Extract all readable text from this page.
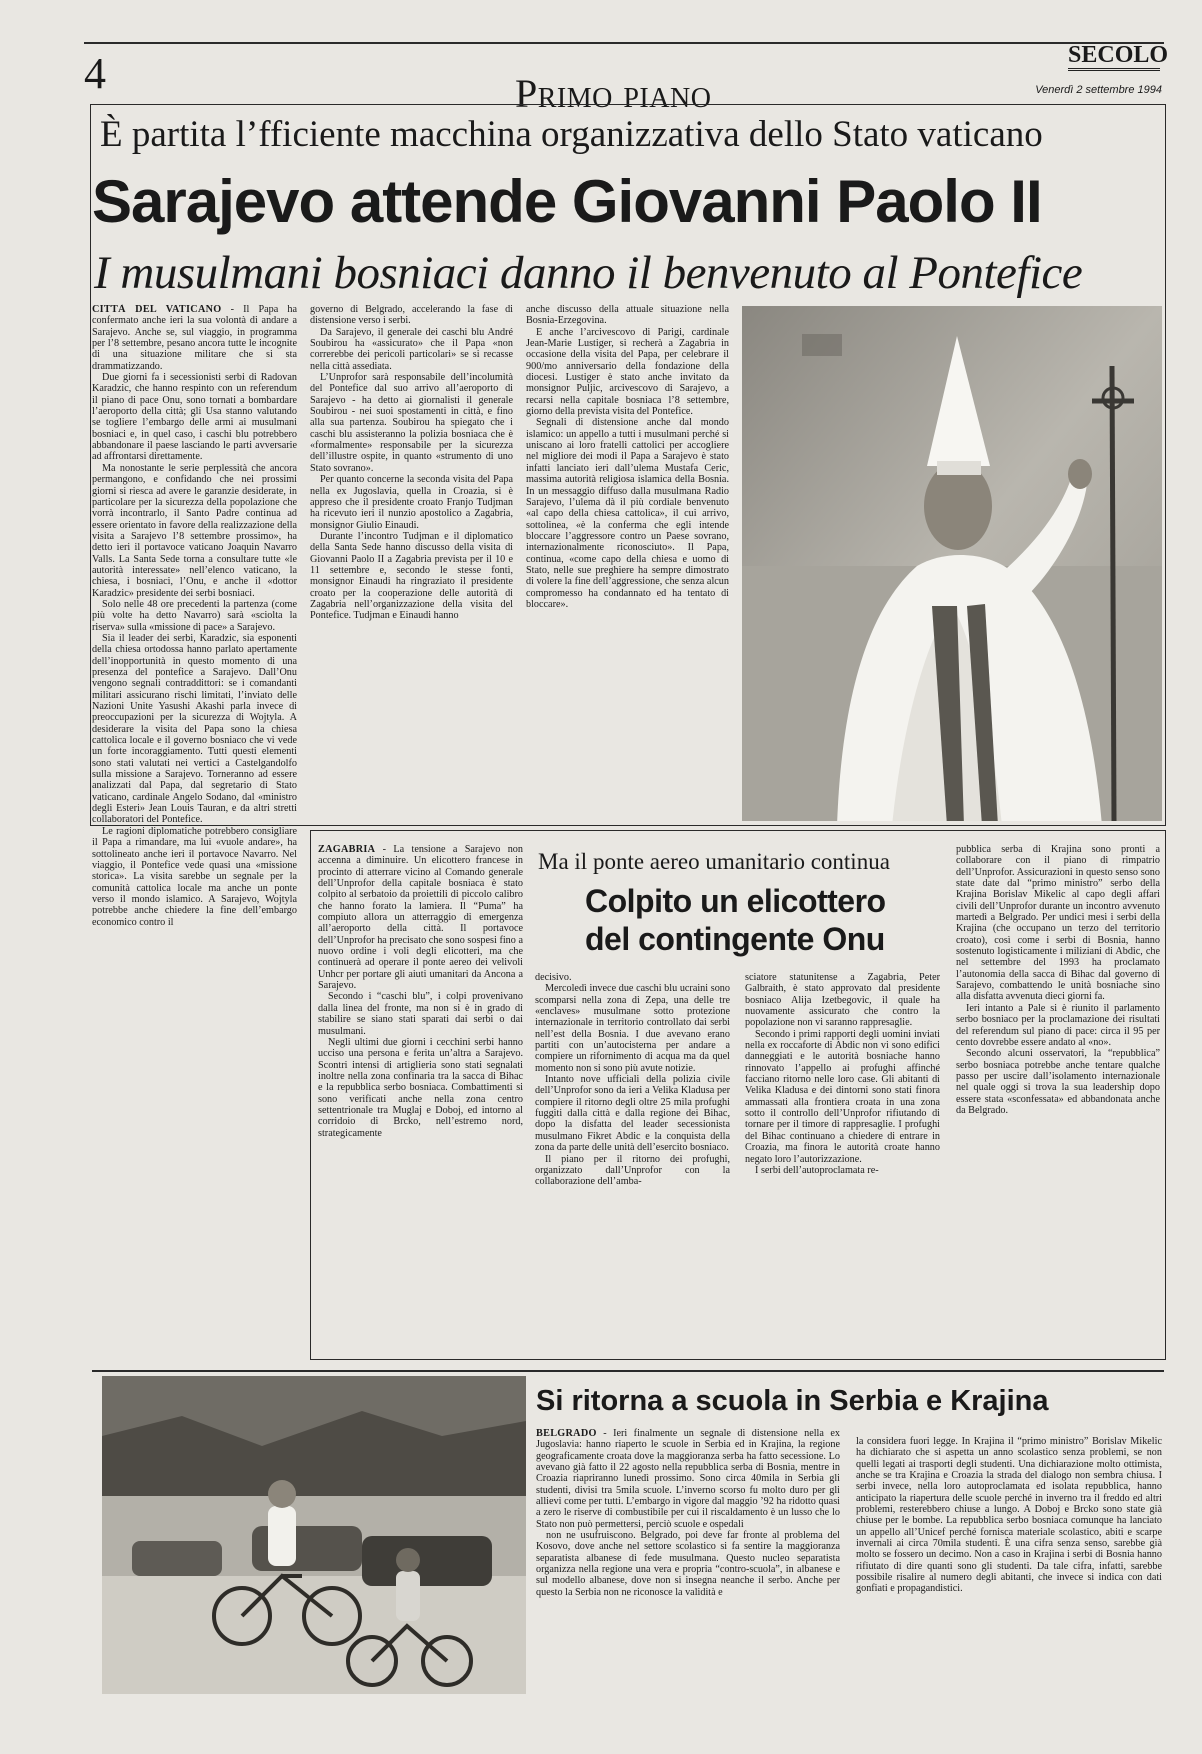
4	Primo piano
SECOLO
Venerdì 2 settembre 1994
È partita l’fficiente macchina organizzativa dello Stato vaticano
Sarajevo attende Giovanni Paolo II
I musulmani bosniaci danno il benvenuto al Pontefice

CITTÀ DEL VATICANO - Il Papa ha confermato anche ieri la sua volontà di andare a Sarajevo. Anche se, sul viaggio, in programma per l’8 settembre, pesano ancora tutte le incognite di una situazione militare che si sta drammatizzando.

Due giorni fa i secessionisti serbi di Radovan Karadzic, che hanno respinto con un referendum il piano di pace Onu, sono tornati a bombardare l’aeroporto della città; gli Usa stanno valutando se togliere l’embargo delle armi ai musulmani bosniaci e, in quel caso, i caschi blu potrebbero abbandonare il paese lasciando le parti avversarie ad affrontarsi direttamente.

Ma nonostante le serie perplessità che ancora permangono, e confidando che nei prossimi giorni si riesca ad avere le garanzie desiderate, in particolare per la sicurezza della popolazione che vorrà incontrarlo, il Santo Padre continua ad essere orientato in favore della realizzazione della visita a Sarajevo l’8 settembre prossimo», ha detto ieri il portavoce vaticano Joaquin Navarro Valls. La Santa Sede torna a consultare tutte «le autorità interessate» nell’elenco vaticano, la chiesa, i bosniaci, l’Onu, e anche il «dottor Karadzic» presidente dei serbi bosniaci.

Solo nelle 48 ore precedenti la partenza (come più volte ha detto Navarro) sarà «sciolta la riserva» sulla «missione di pace» a Sarajevo.

Sia il leader dei serbi, Karadzic, sia esponenti della chiesa ortodossa hanno parlato apertamente dell’inopportunità in questo momento di una presenza del pontefice a Sarajevo. Dall’Onu vengono segnali contraddittori: se i comandanti militari assicurano rischi limitati, l’inviato delle Nazioni Unite Yasushi Akashi parla invece di preoccupazioni per la sicurezza di Wojtyla. A desiderare la visita del Papa sono la chiesa cattolica locale e il governo bosniaco che vi vede un forte incoraggiamento. Tutti questi elementi sono stati valutati nei vertici a Castelgandolfo sulla missione a Sarajevo. Torneranno ad essere analizzati dal Papa, dal segretario di Stato vaticano, cardinale Angelo Sodano, dal «ministro degli Esteri» Jean Louis Tauran, e da altri stretti collaboratori del Pontefice.

Le ragioni diplomatiche potrebbero consigliare il Papa a rimandare, ma lui «vuole andare», ha sottolineato anche ieri il portavoce Navarro. Nel viaggio, il Pontefice vede quasi una «missione storica». La visita sarebbe un segnale per la comunità cattolica locale ma anche un ponte verso il mondo islamico. A Sarajevo, Wojtyla potrebbe anche chiedere la fine dell’embargo economico contro il

governo di Belgrado, accelerando la fase di distensione verso i serbi.

Da Sarajevo, il generale dei caschi blu André Soubirou ha «assicurato» che il Papa «non correrebbe dei pericoli particolari» se si recasse nella città assediata.

L’Unprofor sarà responsabile dell’incolumità del Pontefice dal suo arrivo all’aeroporto di Sarajevo - ha detto ai giornalisti il generale Soubirou - nei suoi spostamenti in città, e fino alla sua partenza. Soubirou ha spiegato che i caschi blu assisteranno la polizia bosniaca che è «formalmente» responsabile per la sicurezza dell’illustre ospite, in quanto «strumento di uno Stato sovrano».

Per quanto concerne la seconda visita del Papa nella ex Jugoslavia, quella in Croazia, si è appreso che il presidente croato Franjo Tudjman ha ricevuto ieri il nunzio apostolico a Zagabria, monsignor Giulio Einaudi.

Durante l’incontro Tudjman e il diplomatico della Santa Sede hanno discusso della visita di Giovanni Paolo II a Zagabria prevista per il 10 e 11 settembre e, secondo le stesse fonti, monsignor Einaudi ha ringraziato il presidente croato per la cooperazione delle autorità di Zagabria nell’organizzazione della visita del Pontefice. Tudjman e Einaudi hanno

anche discusso della attuale situazione nella Bosnia-Erzegovina.

E anche l’arcivescovo di Parigi, cardinale Jean-Marie Lustiger, si recherà a Zagabria in occasione della visita del Papa, per celebrare il 900/mo anniversario della fondazione della diocesi. Lustiger è stato anche invitato da monsignor Puljic, arcivescovo di Sarajevo, a recarsi nella capitale bosniaca l’8 settembre, giorno della prevista visita del Pontefice.

Segnali di distensione anche dal mondo islamico: un appello a tutti i musulmani perché si uniscano ai loro fratelli cattolici per accogliere nel migliore dei modi il Papa a Sarajevo è stato infatti lanciato ieri dall’ulema Mustafa Ceric, massima autorità religiosa islamica della Bosnia. In un messaggio diffuso dalla musulmana Radio Sarajevo, l’ulema dà il più cordiale benvenuto «al capo della chiesa cattolica», il cui arrivo, sottolinea, «è la conferma che egli intende bloccare l’aggressore contro un Paese sovrano, internazionalmente riconosciuto». Il Papa, continua, «come capo della chiesa e uomo di Stato, nelle sue preghiere ha sempre dimostrato di volere la fine dell’aggressione, che senza alcun compromesso ha condannato ed ha tentato di bloccare».

ZAGABRIA - La tensione a Sarajevo non accenna a diminuire. Un elicottero francese in procinto di atterrare vicino al Comando generale dell’Unprofor della capitale bosniaca è stato colpito al serbatoio da proiettili di piccolo calibro che hanno forato la lamiera. Il “Puma” ha compiuto allora un atterraggio di emergenza all’aeroporto della città. Il portavoce dell’Unprofor ha precisato che sono sospesi fino a nuovo ordine i voli degli elicotteri, ma che continuerà ad operare il ponte aereo dei velivoli Unhcr per portare gli aiuti umanitari da Ancona a Sarajevo.

Secondo i “caschi blu”, i colpi provenivano dalla linea del fronte, ma non si è in grado di stabilire se siano stati sparati dai serbi o dai musulmani.

Negli ultimi due giorni i cecchini serbi hanno ucciso una persona e ferita un’altra a Sarajevo. Scontri intensi di artiglieria sono stati segnalati inoltre nella zona confinaria tra la sacca di Bihac e la repubblica serbo bosniaca. Combattimenti si sono verificati anche nella zona centro settentrionale tra Muglaj e Doboj, ed intorno al corridoio di Brcko, nell’estremo nord, strategicamente

Ma il ponte aereo umanitario continua
Colpito un elicottero del contingente Onu

decisivo.

Mercoledì invece due caschi blu ucraini sono scomparsi nella zona di Zepa, una delle tre «enclaves» musulmane sotto protezione internazionale in territorio controllato dai serbi nell’est della Bosnia. I due avevano erano partiti con un’autocisterna per andare a compiere un rifornimento di acqua ma da quel momento non si sono più avute notizie.

Intanto nove ufficiali della polizia civile dell’Unprofor sono da ieri a Velika Kladusa per compiere il ritorno degli oltre 25 mila profughi fuggiti dalla città e dalla regione dei Bihac, dopo la disfatta del leader secessionista musulmano Fikret Abdic e la conquista della zona da parte delle unità dell’esercito bosniaco.

Il piano per il ritorno dei profughi, organizzato dall’Unprofor con la collaborazione dell’amba-

sciatore statunitense a Zagabria, Peter Galbraith, è stato approvato dal presidente bosniaco Alija Izetbegovic, il quale ha nuovamente assicurato che contro la popolazione non vi saranno rappresaglie.

Secondo i primi rapporti degli uomini inviati nella ex roccaforte di Abdic non vi sono edifici danneggiati e le autorità bosniache hanno rinnovato l’appello ai profughi affinché facciano ritorno nelle loro case. Gli abitanti di Velika Kladusa e dei dintorni sono stati finora ammassati alla frontiera croata in una zona sotto il controllo dell’Unprofor rifiutando di tornare per il timore di rappresaglie. I profughi del Bihac continuano a chiedere di entrare in Croazia, ma finora le autorità croate hanno negato loro l’autorizzazione.

I serbi dell’autoproclamata re-

pubblica serba di Krajina sono pronti a collaborare con il piano di rimpatrio dell’Unprofor. Assicurazioni in questo senso sono state date dal “primo ministro” serbo della Krajina Borislav Mikelic al capo degli affari civili dell’Unprofor durante un incontro avvenuto martedì a Belgrado. Per undici mesi i serbi della Krajina (che occupano un terzo del territorio croato), così come i serbi di Bosnia, hanno sostenuto logisticamente i miliziani di Abdic, che nel settembre del 1993 ha proclamato l’autonomia della sacca di Bihac dal governo di Sarajevo, combattendo le unità bosniache sino alla disfatta avvenuta dieci giorni fa.

Ieri intanto a Pale si è riunito il parlamento serbo bosniaco per la proclamazione dei risultati del referendum sul piano di pace: circa il 95 per cento dovrebbe essere andato al «no».

Secondo alcuni osservatori, la “repubblica” serbo bosniaca potrebbe anche tentare qualche passo per uscire dall’isolamento internazionale nel quale oggi si trova la sua leadership dopo essere stata «sconfessata» ed abbandonata anche da Belgrado.

Si ritorna a scuola in Serbia e Krajina

BELGRADO - Ieri finalmente un segnale di distensione nella ex Jugoslavia: hanno riaperto le scuole in Serbia ed in Krajina, la regione geograficamente croata dove la maggioranza serba ha fatto secessione. Lo avevano già fatto il 22 agosto nella repubblica serba di Bosnia, mentre in Croazia riapriranno lunedì prossimo. Sono circa 40mila in Serbia gli studenti, divisi tra 5mila scuole. L’inverno scorso fu molto duro per gli allievi come per tutti. L’embargo in vigore dal maggio ’92 ha ridotto quasi a zero le riserve di combustibile per cui il riscaldamento è un lusso che lo Stato non può permettersi, perciò scuole e ospedali

non ne usufruiscono. Belgrado, poi deve far fronte al problema del Kosovo, dove anche nel settore scolastico si fa sentire la maggioranza separatista albanese di fede musulmana. Questo nucleo separatista organizza nella regione una vera e propria “contro-scuola”, in albanese e sul modello albanese, dove non si insegna neanche il serbo. Anche per questo la Serbia non ne riconosce la validità e

la considera fuori legge. In Krajina il “primo ministro” Borislav Mikelic ha dichiarato che si aspetta un anno scolastico senza problemi, se non quelli legati ai trasporti degli studenti. Una dichiarazione molto ottimista, anche se tra Krajina e Croazia la strada del dialogo non sembra chiusa. I serbi invece, nella loro autoproclamata ed isolata repubblica, hanno anticipato la riapertura delle scuole perché in inverno tra il freddo ed altri problemi, resterebbero chiuse a lungo. A Doboj e Brcko sono state già chiuse per le bombe. La repubblica serbo bosniaca comunque ha lanciato un appello all’Unicef perché fornisca materiale scolastico, abiti e scarpe invernali ai circa 70mila studenti. È una cifra senza senso, sarebbe già molto se fossero un decimo. Non a caso in Krajina i serbi di Bosnia hanno rifiutato di dire quanti sono gli studenti. Da tale cifra, infatti, sarebbe possibile risalire al numero degli abitanti, che invece si indica con dati gonfiati e propagandistici.
